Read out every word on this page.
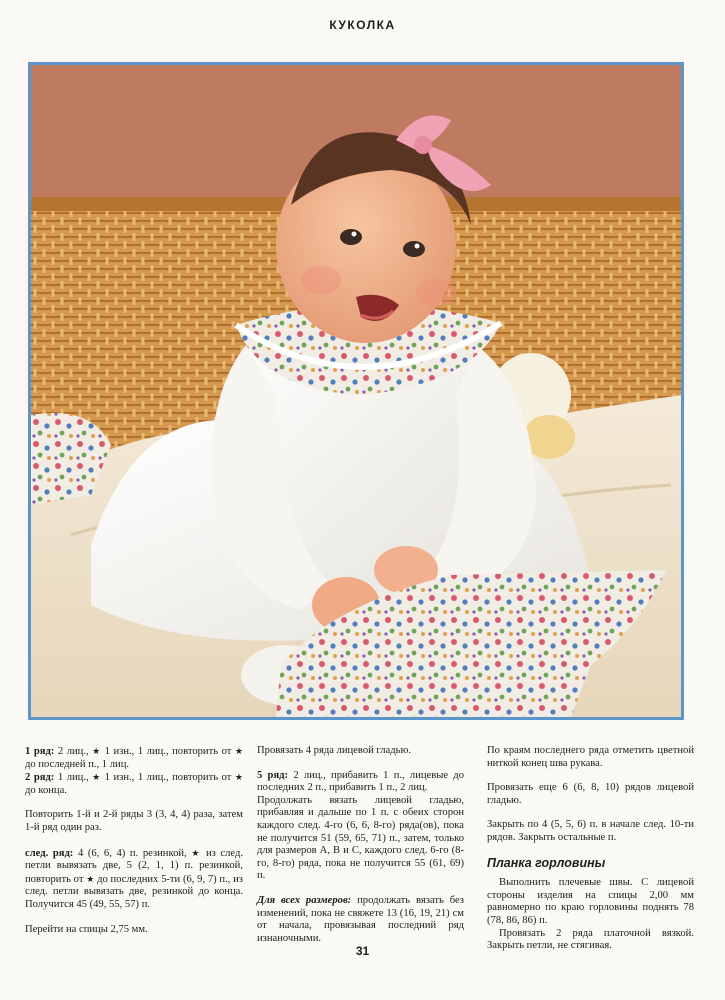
КУКОЛКА

1 ряд: 2 лиц., ★ 1 изн., 1 лиц., повторить от ★ до последней п., 1 лиц.

2 ряд: 1 лиц., ★ 1 изн., 1 лиц., повторить от ★ до конца.

Повторить 1-й и 2-й ряды 3 (3, 4, 4) раза, затем 1-й ряд один раз.

след. ряд: 4 (6, 6, 4) п. резинкой, ★ из след. петли вывязать две, 5 (2, 1, 1) п. резинкой, повторить от ★ до последних 5-ти (6, 9, 7) п., из след. петли вывязать две, резинкой до конца. Получится 45 (49, 55, 57) п.

Перейти на спицы 2,75 мм.

Провязать 4 ряда лицевой гладью.

5 ряд: 2 лиц., прибавить 1 п., лицевые до последних 2 п., прибавить 1 п., 2 лиц.

Продолжать вязать лицевой гладью, прибавляя и дальше по 1 п. с обеих сторон каждого след. 4-го (6, 6, 8-го) ряда(ов), пока не получится 51 (59, 65, 71) п., затем, только для размеров А, В и С, каждого след. 6-го (8-го, 8-го) ряда, пока не получится 55 (61, 69) п.

Для всех размеров: продолжать вязать без изменений, пока не свяжете 13 (16, 19, 21) см от начала, провязывая последний ряд изнаночными.

По краям последнего ряда отметить цветной ниткой конец шва рукава.

Провязать еще 6 (6, 8, 10) рядов лицевой гладью.

Закрыть по 4 (5, 5, 6) п. в начале след. 10-ти рядов. Закрыть остальные п.

Планка горловины

Выполнить плечевые швы. С лицевой стороны изделия на спицы 2,00 мм равномерно по краю горловины поднять 78 (78, 86, 86) п.

Провязать 2 ряда платочной вязкой. Закрыть петли, не стягивая.

31
